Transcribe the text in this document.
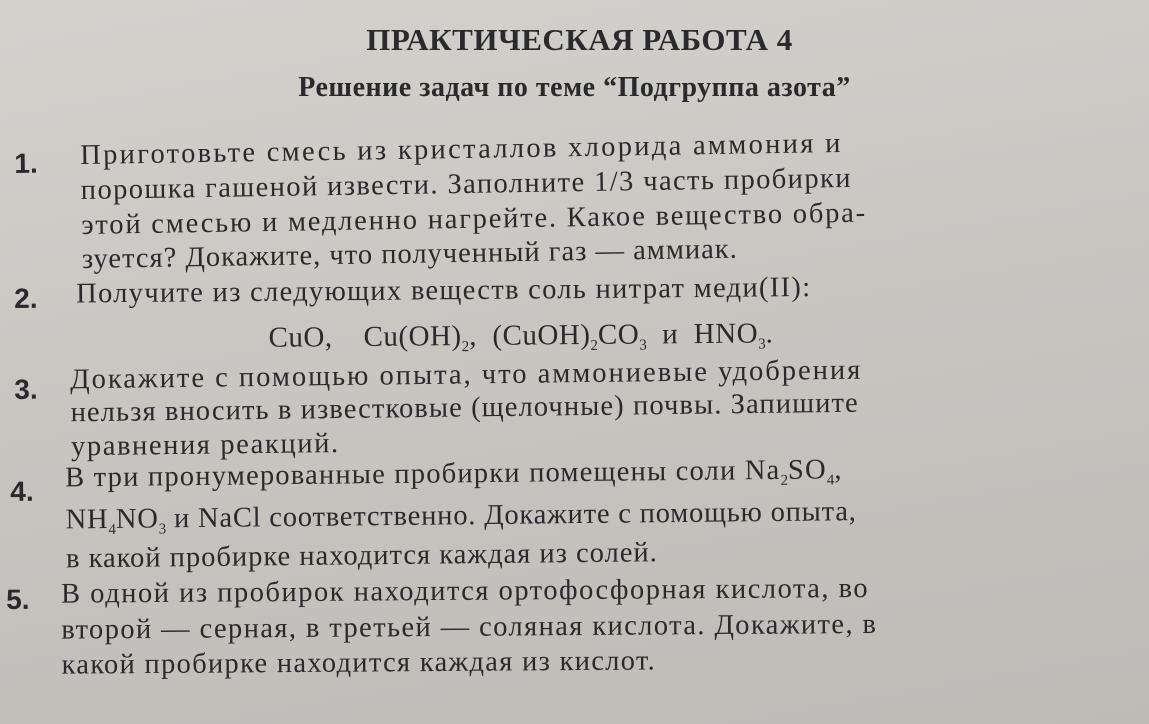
ПРАКТИЧЕСКАЯ РАБОТА 4
Решение задач по теме “Подгруппа азота”
1. Приготовьте смесь из кристаллов хлорида аммония и
порошка гашеной извести. Заполните 1/3 часть пробирки
этой смесью и медленно нагрейте. Какое вещество обра-
зуется? Докажите, что полученный газ — аммиак.
2. Получите из следующих веществ соль нитрат меди(II):
CuO, $Cu(OH)_2$, $(CuOH)_2CO_3$ и $HNO_3$.
3. Докажите с помощью опыта, что аммониевые удобрения
нельзя вносить в известковые (щелочные) почвы. Запишите
уравнения реакций.
4. В три пронумерованные пробирки помещены соли $Na_2SO_4$,
$NH_4NO_3$ и NaCl соответственно. Докажите с помощью опыта,
в какой пробирке находится каждая из солей.
5. В одной из пробирок находится ортофосфорная кислота, во
второй — серная, в третьей — соляная кислота. Докажите, в
какой пробирке находится каждая из кислот.
